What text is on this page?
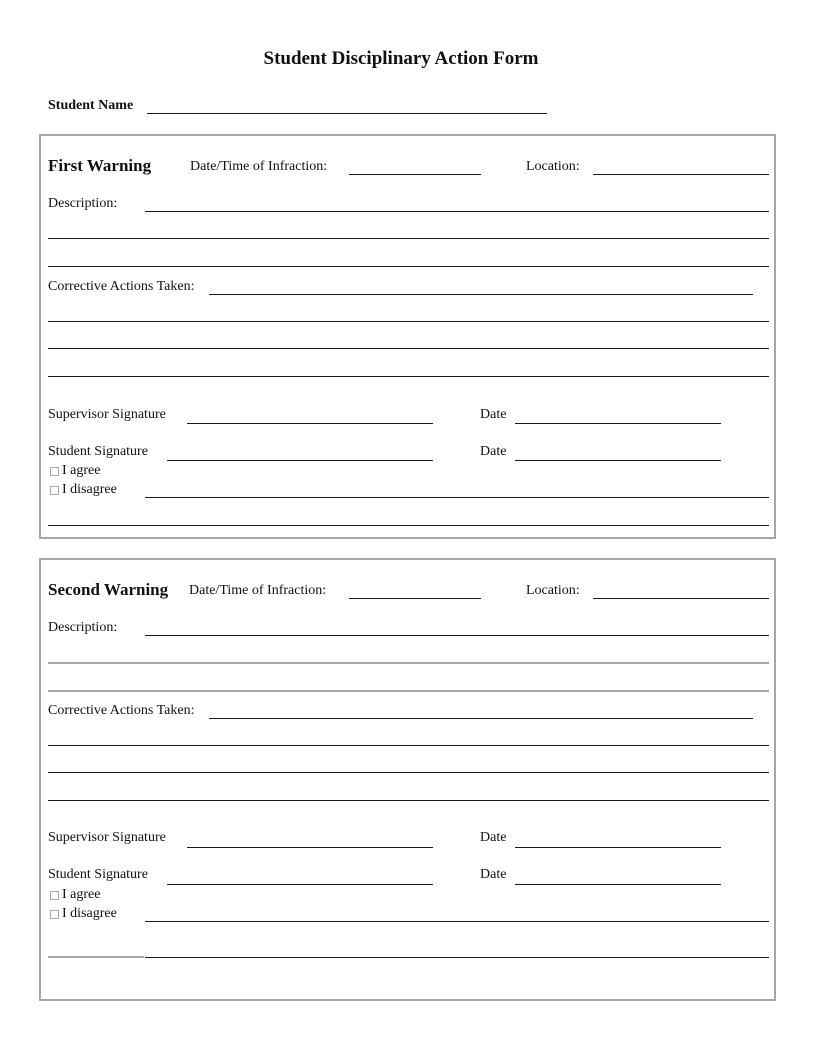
Student Disciplinary Action Form
Student Name
First Warning	Date/Time of Infraction:	Location:
Description:
Corrective Actions Taken:
Supervisor Signature	Date
Student Signature	Date
I agree
I disagree
Second Warning Date/Time of Infraction:	Location:
Description:
Corrective Actions Taken:
Supervisor Signature	Date
Student Signature	Date
I agree
I disagree
